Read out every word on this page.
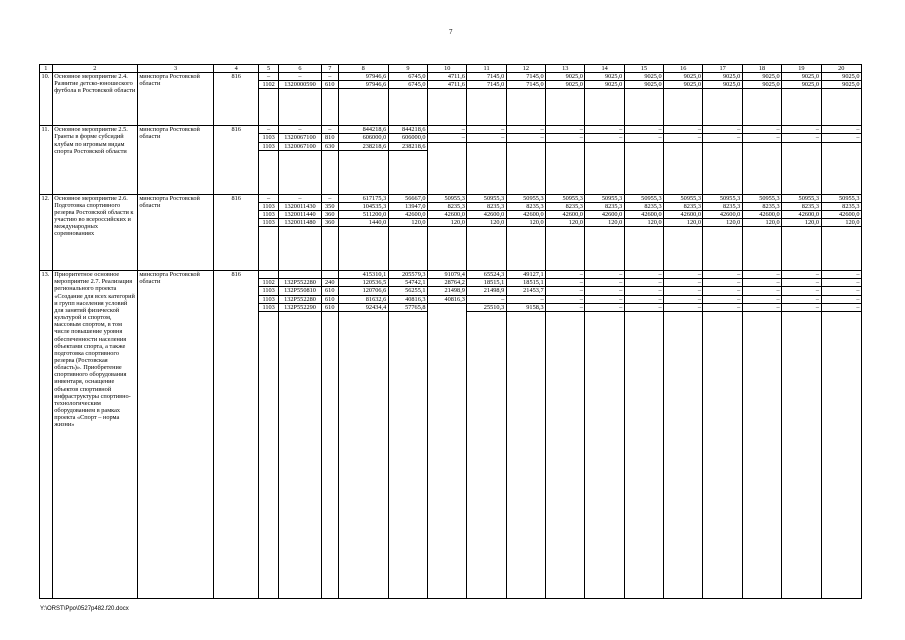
7
1	2	3	4	5	6	7	8	9	10	11	12	13	14	15	16	17	18	19	20
10.	Основное мероприятие 2.4. Развитие детско-юношеского футбола в Ростовской области	минспорта Ростовской области	816	–	–	–	97946,6	6745,0	4711,6	7145,0	7145,0	9025,0	9025,0	9025,0	9025,0	9025,0	9025,0	9025,0	9025,0
				1102	1320000590	610	97946,6	6745,0	4711,6	7145,0	7145,0	9025,0	9025,0	9025,0	9025,0	9025,0	9025,0	9025,0	9025,0

11.	Основное мероприятие 2.5. Гранты в форме субсидий клубам по игровым видам спорта Ростовской области	минспорта Ростовской области	816	–	–	–	844218,6	844218,6	–	–	–	–	–	–	–	–	–	–	–
				1103	1320067100	810	606000,0	606000,0	–	–	–	–	–	–	–	–	–	–	–
				1103	1320067100	630	238218,6	238218,6											

12.	Основное мероприятие 2.6. Подготовка спортивного резерва Ростовской области к участию во всероссийских и международных соревнованиях	минспорта Ростовской области	816	–	–	–	617175,3	56667,0	50955,3	50955,3	50955,3	50955,3	50955,3	50955,3	50955,3	50955,3	50955,3	50955,3	50955,3
				1103	1320011430	350	104535,3	13947,0	8235,3	8235,3	8235,3	8235,3	8235,3	8235,3	8235,3	8235,3	8235,3	8235,3	8235,3
				1103	1320011440	360	511200,0	42600,0	42600,0	42600,0	42600,0	42600,0	42600,0	42600,0	42600,0	42600,0	42600,0	42600,0	42600,0
				1103	1320011480	360	1440,0	120,0	120,0	120,0	120,0	120,0	120,0	120,0	120,0	120,0	120,0	120,0	120,0

13.	Приоритетное основное мероприятие 2.7. Реализация регионального проекта «Создание для всех категорий и групп населения условий для занятий физической культурой и спортом, массовым спортом, в том числе повышение уровня обеспеченности населения объектами спорта, а также подготовка спортивного резерва (Ростовская область)». Приобретение спортивного оборудования инвентаря, оснащение объектов спортивной инфраструктуры спортивно-технологическим оборудованием в рамках проекта «Спорт – норма жизни»	минспорта Ростовской области	816				415310,1	205579,3	91079,4	65524,3	49127,1	–	–	–	–	–	–	–	–
				1102	132P552280	240	120536,5	54742,1	28764,2	18515,1	18515,1	–	–	–	–	–	–	–	–
				1103	132P550810	610	120706,6	56255,1	21498,9	21498,9	21453,7	–	–	–	–	–	–	–	–
				1103	132P552280	610	81632,6	40816,3	40816,3	–	–	–	–	–	–	–	–	–	–
				1103	132P552290	610	92434,4	57765,8		25510,3	9158,3	–	–	–	–	–	–	–	–

Y:\ORST\Ppo\0527p482.f20.docx
